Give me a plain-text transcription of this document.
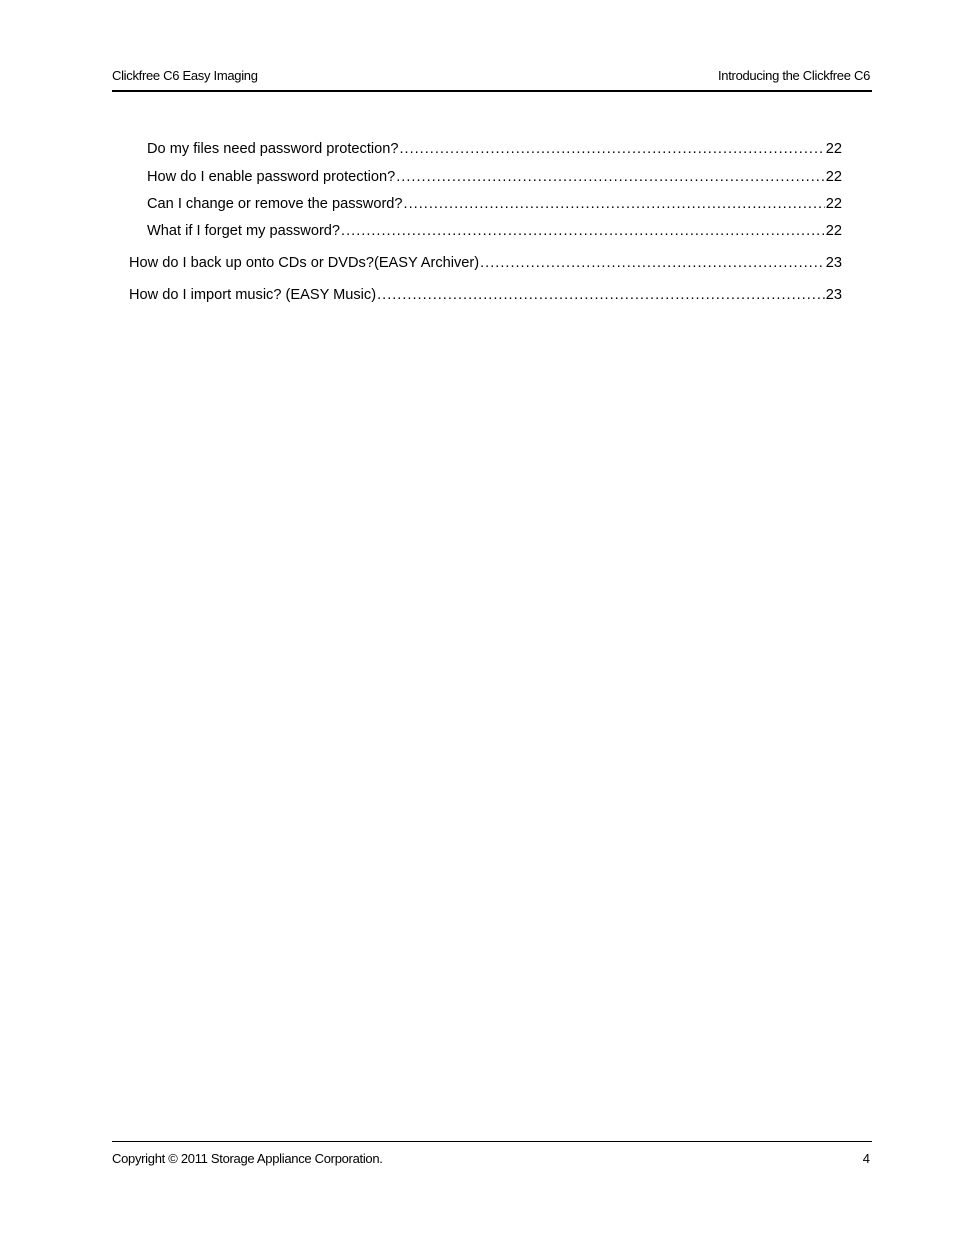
Clickfree C6 Easy Imaging	Introducing the Clickfree C6
Do my files need password protection? .....	22
How do I enable password protection? .....	22
Can I change or remove the password? .....	22
What if I forget my password? .....	22
How do I back up onto CDs or DVDs?(EASY Archiver) .....	23
How do I import music? (EASY Music) .....	23
Copyright © 2011 Storage Appliance Corporation.	4
